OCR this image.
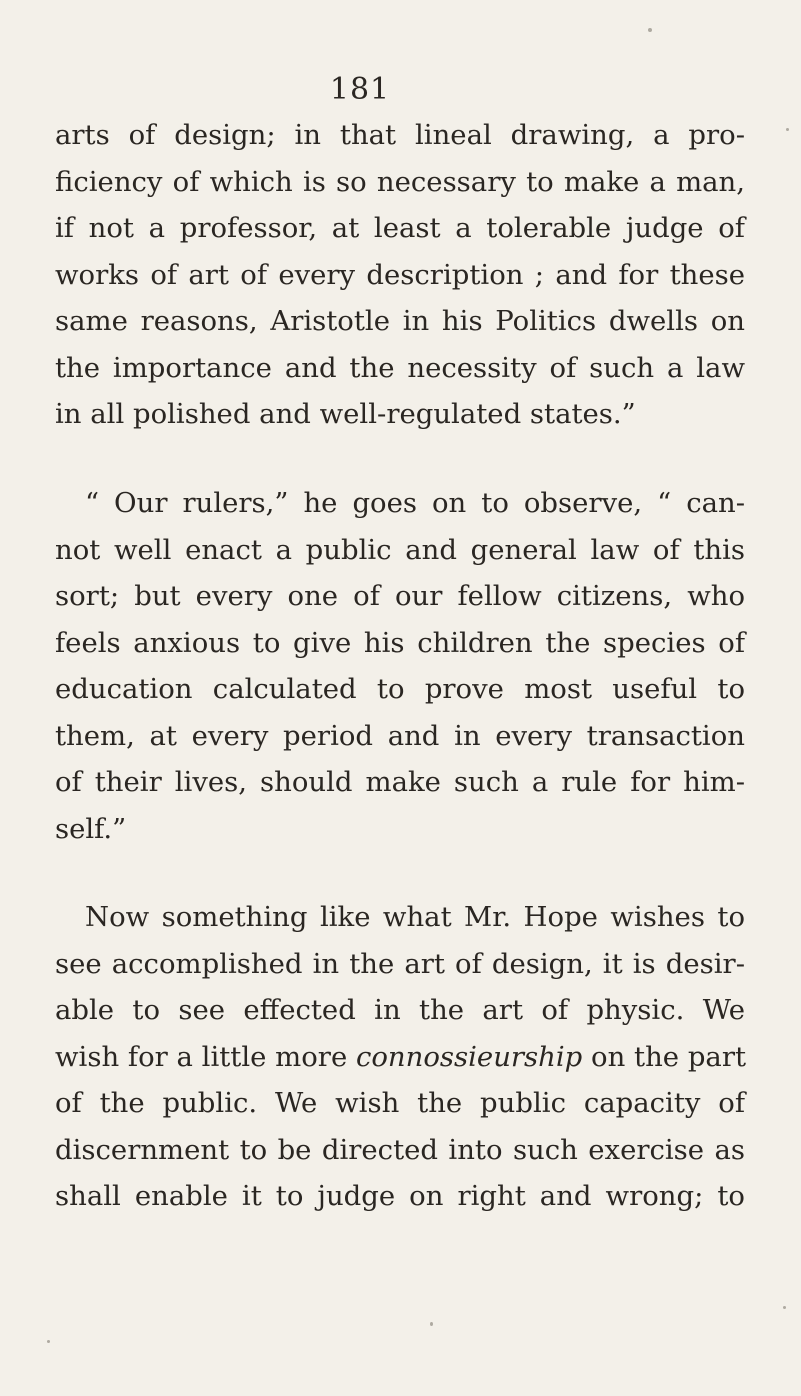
181
arts of design; in that lineal drawing, a pro-
ficiency of which is so necessary to make a man,
if not a professor, at least a tolerable judge of
works of art of every description ; and for these
same reasons, Aristotle in his Politics dwells on
the importance and the necessity of such a law
in all polished and well-regulated states.”
“ Our rulers,” he goes on to observe, “ can-
not well enact a public and general law of this
sort; but every one of our fellow citizens, who
feels anxious to give his children the species of
education calculated to prove most useful to
them, at every period and in every transaction
of their lives, should make such a rule for him-
self.”
Now something like what Mr. Hope wishes to
see accomplished in the art of design, it is desir-
able to see effected in the art of physic. We
wish for a little more connossieurship on the part
of the public. We wish the public capacity of
discernment to be directed into such exercise as
shall enable it to judge on right and wrong; to
